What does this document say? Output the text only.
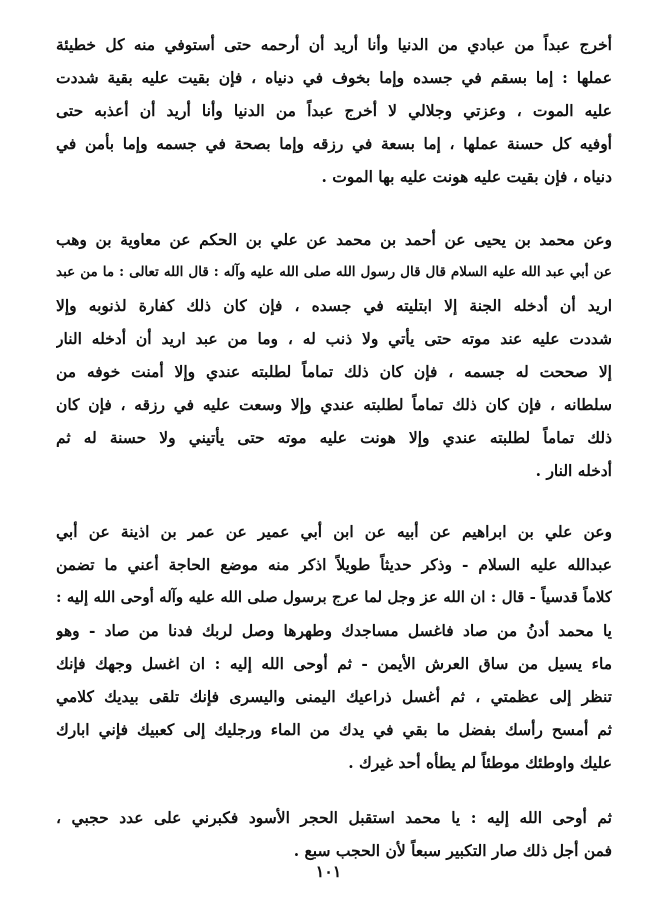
أخرج عبداً من عبادي من الدنيا وأنا أريد أن أرحمه حتى أستوفي منه كل خطيئة
عملها : إما بسقم في جسده وإما بخوف في دنياه ، فإن بقيت عليه بقية شددت
عليه الموت ، وعزتي وجلالي لا أخرج عبداً من الدنيا وأنا أريد أن أعذبه حتى
أوفيه كل حسنة عملها ، إما بسعة في رزقه وإما بصحة في جسمه وإما بأمن في
دنياه ، فإن بقيت عليه هونت عليه بها الموت .
وعن محمد بن يحيى عن أحمد بن محمد عن علي بن الحكم عن معاوية بن وهب
عن أبي عبد الله عليه السلام قال قال رسول الله صلى الله عليه وآله : قال الله تعالى : ما من عبد
اريد أن أدخله الجنة إلا ابتليته في جسده ، فإن كان ذلك كفارة لذنوبه وإلا
شددت عليه عند موته حتى يأتي ولا ذنب له ، وما من عبد اريد أن أدخله النار
إلا صححت له جسمه ، فإن كان ذلك تماماً لطلبته عندي وإلا أمنت خوفه من
سلطانه ، فإن كان ذلك تماماً لطلبته عندي وإلا وسعت عليه في رزقه ، فإن كان
ذلك تماماً لطلبته عندي وإلا هونت عليه موته حتى يأتيني ولا حسنة له ثم
أدخله النار .
وعن علي بن ابراهيم عن أبيه عن ابن أبي عمير عن عمر بن اذينة عن أبي
عبدالله عليه السلام - وذكر حديثاً طويلاً اذكر منه موضع الحاجة أعني ما تضمن
كلاماً قدسياً - قال : ان الله عز وجل لما عرج برسول صلى الله عليه وآله أوحى الله إليه :
يا محمد أدنُ من صاد فاغسل مساجدك وطهرها وصل لربك فدنا من صاد - وهو
ماء يسيل من ساق العرش الأيمن - ثم أوحى الله إليه : ان اغسل وجهك فإنك
تنظر إلى عظمتي ، ثم أغسل ذراعيك اليمنى واليسرى فإنك تلقى بيديك كلامي
ثم أمسح رأسك بفضل ما بقي في يدك من الماء ورجليك إلى كعبيك فإني ابارك
عليك واوطئك موطئاً لم يطأه أحد غيرك .
ثم أوحى الله إليه : يا محمد استقبل الحجر الأسود فكبرني على عدد حجبي ،
فمن أجل ذلك صار التكبير سبعاً لأن الحجب سبع .
١٠١
